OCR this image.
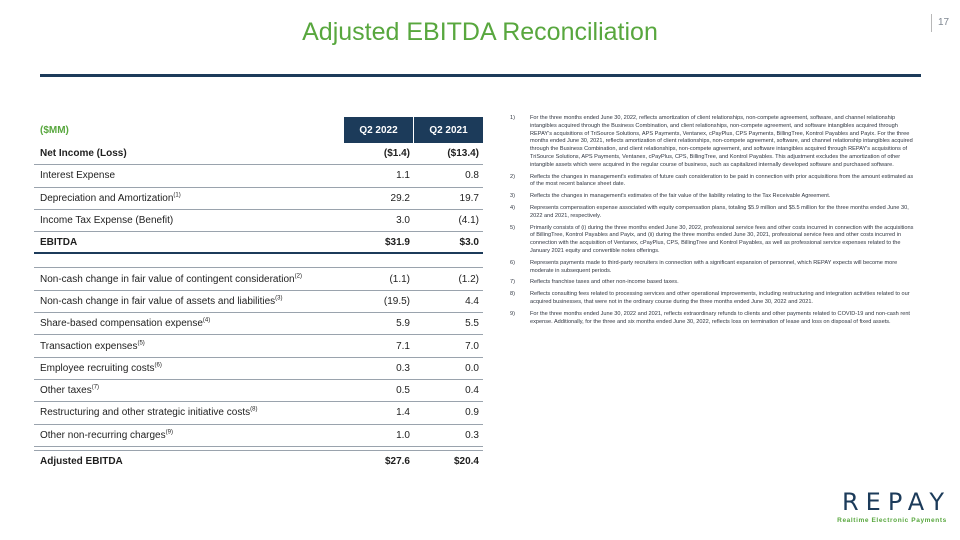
Adjusted EBITDA Reconciliation	17
($MM)	Q2 2022	Q2 2021
Net Income (Loss)	($1.4)	($13.4)
Interest Expense	1.1	0.8
Depreciation and Amortization$^{(1)}$	29.2	19.7
Income Tax Expense (Benefit)	3.0	(4.1)
EBITDA	$31.9	$3.0
Non-cash change in fair value of contingent consideration$^{(2)}$	(1.1)	(1.2)
Non-cash change in fair value of assets and liabilities$^{(3)}$	(19.5)	4.4
Share-based compensation expense$^{(4)}$	5.9	5.5
Transaction expenses$^{(5)}$	7.1	7.0
Employee recruiting costs$^{(6)}$	0.3	0.0
Other taxes$^{(7)}$	0.5	0.4
Restructuring and other strategic initiative costs$^{(8)}$	1.4	0.9
Other non-recurring charges$^{(9)}$	1.0	0.3
Adjusted EBITDA	$27.6	$20.4
1)	For the three months ended June 30, 2022, reflects amortization of client relationships, non-compete agreement, software, and channel relationship intangibles acquired through the Business Combination, and client relationships, non-compete agreement, and software intangibles acquired through REPAY's acquisitions of TriSource Solutions, APS Payments, Ventanex, cPayPlus, CPS Payments, BillingTree, Kontrol Payables and Payix. For the three months ended June 30, 2021, reflects amortization of client relationships, non-compete agreement, software, and channel relationship intangibles acquired through the Business Combination, and client relationships, non-compete agreement, and software intangibles acquired through REPAY's acquisitions of TriSource Solutions, APS Payments, Ventanex, cPayPlus, CPS, BillingTree, and Kontrol Payables. This adjustment excludes the amortization of other intangible assets which were acquired in the regular course of business, such as capitalized internally developed software and purchased software.
2)	Reflects the changes in management's estimates of future cash consideration to be paid in connection with prior acquisitions from the amount estimated as of the most recent balance sheet date.
3)	Reflects the changes in management's estimates of the fair value of the liability relating to the Tax Receivable Agreement.
4)	Represents compensation expense associated with equity compensation plans, totaling $5.9 million and $5.5 million for the three months ended June 30, 2022 and 2021, respectively.
5)	Primarily consists of (i) during the three months ended June 30, 2022, professional service fees and other costs incurred in connection with the acquisitions of BillingTree, Kontrol Payables and Payix, and (ii) during the three months ended June 30, 2021, professional service fees and other costs incurred in connection with the acquisition of Ventanex, cPayPlus, CPS, BillingTree and Kontrol Payables, as well as professional service expenses related to the January 2021 equity and convertible notes offerings.
6)	Represents payments made to third-party recruiters in connection with a significant expansion of personnel, which REPAY expects will become more moderate in subsequent periods.
7)	Reflects franchise taxes and other non-income based taxes.
8)	Reflects consulting fees related to processing services and other operational improvements, including restructuring and integration activities related to our acquired businesses, that were not in the ordinary course during the three months ended June 30, 2022 and 2021.
9)	For the three months ended June 30, 2022 and 2021, reflects extraordinary refunds to clients and other payments related to COVID-19 and non-cash rent expense. Additionally, for the three and six months ended June 30, 2022, reflects loss on termination of lease and loss on disposal of fixed assets.
REPAY
Realtime Electronic Payments
